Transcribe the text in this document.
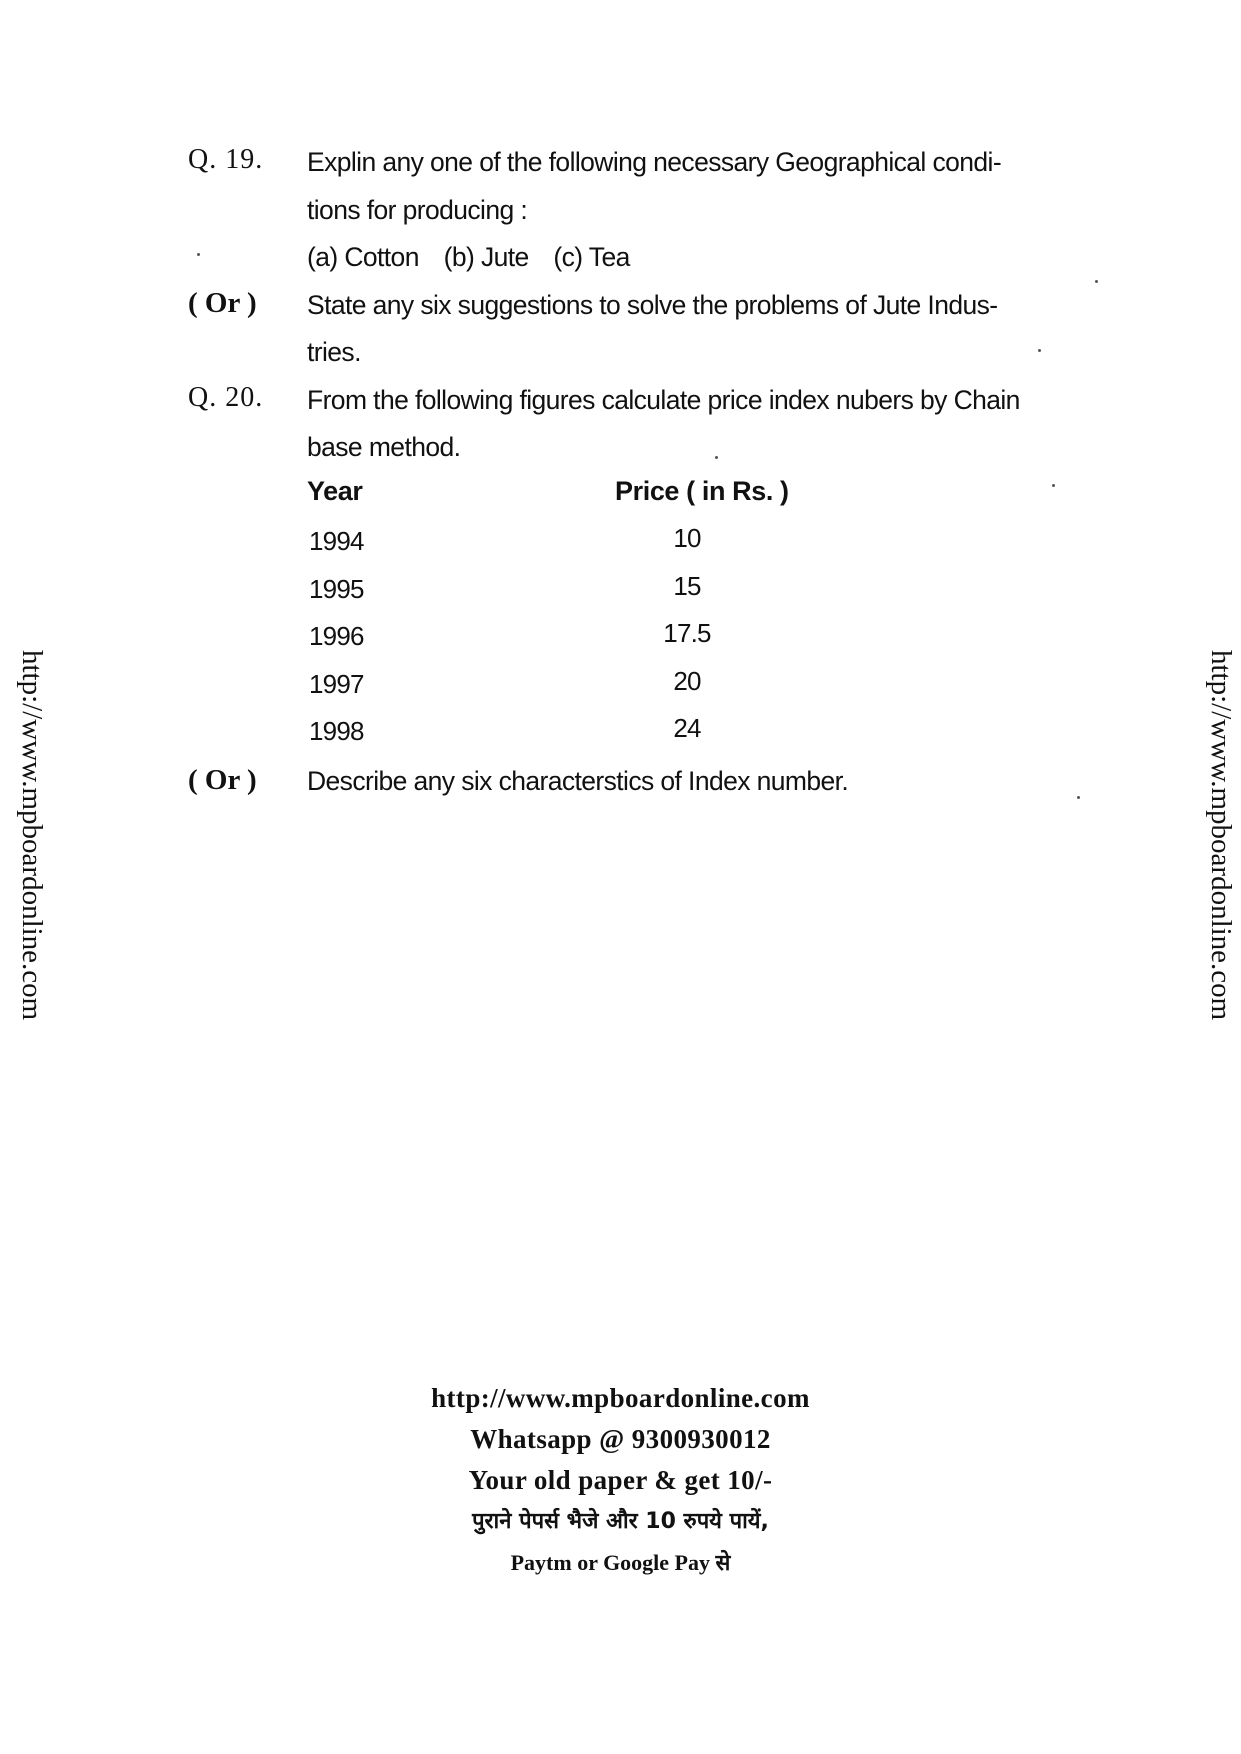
http://www.mpboardonline.com	http://www.mpboardonline.com
Q. 19. Explin any one of the following necessary Geographical condi-
tions for producing :
(a) Cotton (b) Jute (c) Tea
( Or ) State any six suggestions to solve the problems of Jute Indus-
tries.
Q. 20. From the following figures calculate price index nubers by Chain
base method.
Year	Price ( in Rs. )
1994	10
1995	15
1996	17.5
1997	20
1998	24
( Or ) Describe any six characterstics of Index number.
http://www.mpboardonline.com
Whatsapp @ 9300930012
Your old paper & get 10/-
पुराने पेपर्स भैजे और 10 रुपये पायें,
Paytm or Google Pay से
